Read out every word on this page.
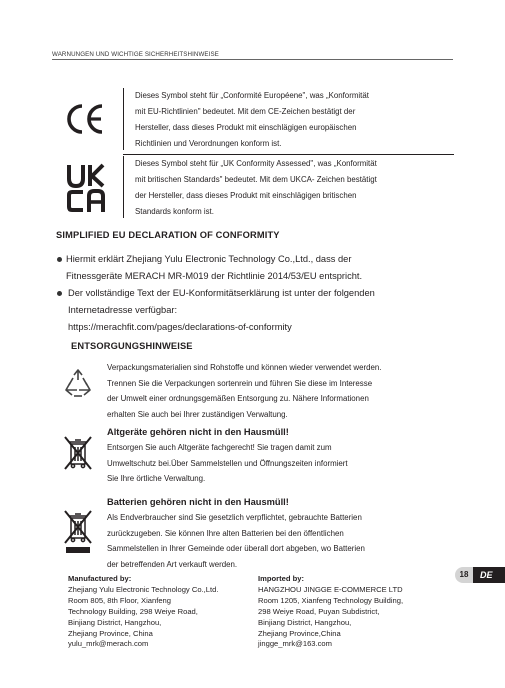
WARNUNGEN UND WICHTIGE SICHERHEITSHINWEISE
Dieses Symbol steht für „Conformité Européene", was „Konformität
mit EU-Richtlinien" bedeutet. Mit dem CE-Zeichen bestätigt der
Hersteller, dass dieses Produkt mit einschlägigen europäischen
Richtlinien und Verordnungen konform ist.
Dieses Symbol steht für „UK Conformity Assessed", was „Konformität
mit britischen Standards" bedeutet. Mit dem UKCA- Zeichen bestätigt
der Hersteller, dass dieses Produkt mit einschlägigen britischen
Standards konform ist.
SIMPLIFIED EU DECLARATION OF CONFORMITY
Hiermit erklärt Zhejiang Yulu Electronic Technology Co.,Ltd., dass der
Fitnessgeräte MERACH MR-M019 der Richtlinie 2014/53/EU entspricht.
Der vollständige Text der EU-Konformitätserklärung ist unter der folgenden
Internetadresse verfügbar:
https://merachfit.com/pages/declarations-of-conformity
ENTSORGUNGSHINWEISE
Verpackungsmaterialien sind Rohstoffe und können wieder verwendet werden.
Trennen Sie die Verpackungen sortenrein und führen Sie diese im Interesse
der Umwelt einer ordnungsgemäßen Entsorgung zu. Nähere Informationen
erhalten Sie auch bei Ihrer zuständigen Verwaltung.
Altgeräte gehören nicht in den Hausmüll!
Entsorgen Sie auch Altgeräte fachgerecht! Sie tragen damit zum
Umweltschutz bei.Über Sammelstellen und Öffnungszeiten informiert
Sie Ihre örtliche Verwaltung.
Batterien gehören nicht in den Hausmüll!
Als Endverbraucher sind Sie gesetzlich verpflichtet, gebrauchte Batterien
zurückzugeben. Sie können Ihre alten Batterien bei den öffentlichen
Sammelstellen in Ihrer Gemeinde oder überall dort abgeben, wo Batterien
der betreffenden Art verkauft werden.
Manufactured by:
Zhejiang Yulu Electronic Technology Co.,Ltd.
Room 805, 8th Floor, Xianfeng
Technology Building, 298 Weiye Road,
Binjiang District, Hangzhou,
Zhejiang Province, China
yulu_mrk@merach.com
Imported by:
HANGZHOU JINGGE E-COMMERCE LTD
Room 1205, Xianfeng Technology Building,
298 Weiye Road, Puyan Subdistrict,
Binjiang District, Hangzhou,
Zhejiang Province,China
jingge_mrk@163.com
18	DE
